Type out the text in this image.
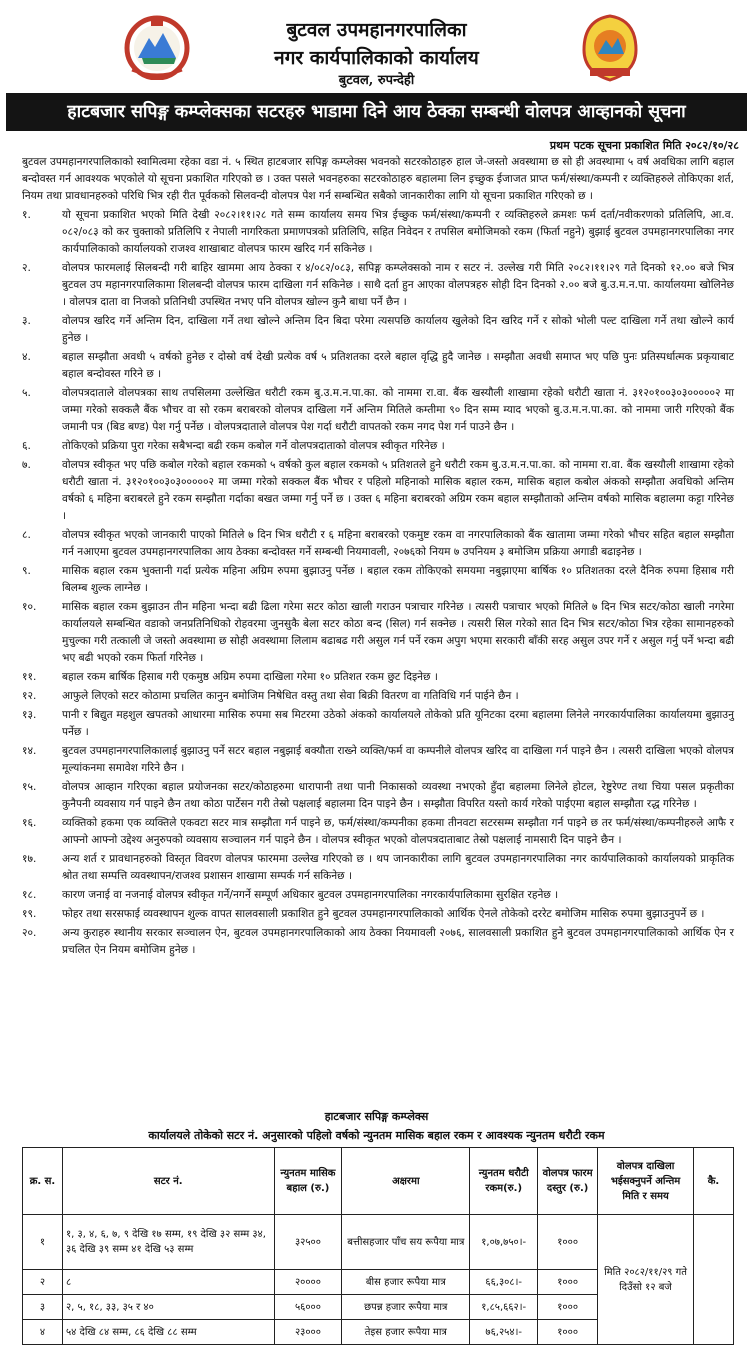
बुटवल उपमहानगरपालिका
नगर कार्यपालिकाको कार्यालय
बुटवल, रुपन्देही
हाटबजार सपिङ्ग कम्प्लेक्सका सटरहरु भाडामा दिने आय ठेक्का सम्बन्धी वोलपत्र आव्हानको सूचना
प्रथम पटक सूचना प्रकाशित मिति २०८२/१०/२८

बुटवल उपमहानगरपालिकाको स्वामित्वमा रहेका वडा नं. ५ स्थित हाटबजार सपिङ्ग कम्प्लेक्स भवनको सटरकोठाहरु हाल जे-जस्तो अवस्थामा छ सो ही अवस्थामा ५ वर्ष अवधिका लागि बहाल बन्दोवस्त गर्न आवश्यक भएकोले यो सूचना प्रकाशित गरिएको छ । उक्त पसले भवनहरुका सटरकोठाहरु बहालमा लिन इच्छुक ईजाजत प्राप्त फर्म/संस्था/कम्पनी र व्यक्तिहरुले तोकिएका शर्त, नियम तथा प्रावधानहरुको परिधि भित्र रही रीत पूर्वकको सिलवन्दी वोलपत्र पेश गर्न सम्बन्धित सबैको जानकारीका लागि यो सूचना प्रकाशित गरिएको छ ।

१.	यो सूचना प्रकाशित भएको मिति देखी २०८२।११।२८ गते सम्म कार्यालय समय भित्र ईच्छुक फर्म/संस्था/कम्पनी र व्यक्तिहरुले क्रमशः फर्म दर्ता/नवीकरणको प्रतिलिपि, आ.व. ०८२/०८३ को कर चुक्ताको प्रतिलिपि र नेपाली नागरिकता प्रमाणपत्रको प्रतिलिपि, सहित निवेदन र तपसिल बमोजिमको रकम (फिर्ता नहुने) बुझाई बुटवल उपमहानगरपालिका नगर कार्यपालिकाको कार्यालयको राजश्व शाखाबाट वोलपत्र फारम खरिद गर्न सकिनेछ ।
२.	वोलपत्र फारमलाई सिलबन्दी गरी बाहिर खाममा आय ठेक्का र ४/०८२/०८३, सपिङ्ग कम्प्लेक्सको नाम र सटर नं. उल्लेख गरी मिति २०८२।११।२९ गते दिनको १२.०० बजे भित्र बुटवल उप महानगरपालिकामा शिलबन्दी वोलपत्र फारम दाखिला गर्न सकिनेछ । साथै दर्ता हुन आएका वोलपत्रहरु सोही दिन दिनको २.०० बजे बु.उ.म.न.पा. कार्यालयमा खोलिनेछ । वोलपत्र दाता वा निजको प्रतिनिधी उपस्थित नभए पनि वोलपत्र खोल्न कुनै बाधा पर्ने छैन ।
३.	वोलपत्र खरिद गर्ने अन्तिम दिन, दाखिला गर्ने तथा खोल्ने अन्तिम दिन बिदा परेमा त्यसपछि कार्यालय खुलेको दिन खरिद गर्ने र सोको भोली पल्ट दाखिला गर्ने तथा खोल्ने कार्य हुनेछ ।
४.	बहाल सम्झौता अवधी ५ वर्षको हुनेछ र दोस्रो वर्ष देखी प्रत्येक वर्ष ५ प्रतिशतका दरले बहाल वृद्धि हुदै जानेछ । सम्झौता अवधी समाप्त भए पछि पुनः प्रतिस्पर्धात्मक प्रकृयाबाट बहाल बन्दोवस्त गरिने छ ।
५.	वोलपत्रदाताले वोलपत्रका साथ तपसिलमा उल्लेखित धरौटी रकम बु.उ.म.न.पा.का. को नाममा रा.वा. बैंक खस्यौली शाखामा रहेको धरौटी खाता नं. ३१२०१००३०३०००००२ मा जम्मा गरेको सक्कलै बैंक भौचर वा सो रकम बराबरको वोलपत्र दाखिला गर्ने अन्तिम मितिले कम्तीमा ९० दिन सम्म म्याद भएको बु.उ.म.न.पा.का. को नाममा जारी गरिएको बैंक जमानी पत्र (बिड बण्ड) पेश गर्नु पर्नेछ । वोलपत्रदाताले वोलपत्र पेश गर्दा धरौटी वापतको रकम नगद पेश गर्न पाउने छैन ।
६.	तोकिएको प्रक्रिया पुरा गरेका सबैभन्दा बढी रकम कबोल गर्ने वोलपत्रदाताको वोलपत्र स्वीकृत गरिनेछ ।
७.	वोलपत्र स्वीकृत भए पछि कबोल गरेको बहाल रकमको ५ वर्षको कुल बहाल रकमको ५ प्रतिशतले हुने धरौटी रकम बु.उ.म.न.पा.का. को नाममा रा.वा. बैंक खस्यौली शाखामा रहेको धरौटी खाता नं. ३१२०१००३०३०००००२ मा जम्मा गरेको सक्कल बैंक भौचर र पहिलो महिनाको मासिक बहाल रकम, मासिक बहाल कबोल अंकको सम्झौता अवधिको अन्तिम वर्षको ६ महिना बराबरले हुने रकम सम्झौता गर्दाका बखत जम्मा गर्नु पर्ने छ । उक्त ६ महिना बराबरको अग्रिम रकम बहाल सम्झौताको अन्तिम वर्षको मासिक बहालमा कट्टा गरिनेछ ।
८.	वोलपत्र स्वीकृत भएको जानकारी पाएको मितिले ७ दिन भित्र धरौटी र ६ महिना बराबरको एकमुष्ट रकम वा नगरपालिकाको बैंक खातामा जम्मा गरेको भौचर सहित बहाल सम्झौता गर्न नआएमा बुटवल उपमहानगरपालिका आय ठेक्का बन्दोवस्त गर्ने सम्बन्धी नियमावली, २०७६को नियम ७ उपनियम ३ बमोजिम प्रक्रिया अगाडी बढाइनेछ ।
९.	मासिक बहाल रकम भुक्तानी गर्दा प्रत्येक महिना अग्रिम रुपमा बुझाउनु पर्नेछ । बहाल रकम तोकिएको समयमा नबुझाएमा बार्षिक १० प्रतिशतका दरले दैनिक रुपमा हिसाब गरी बिलम्ब शुल्क लाग्नेछ ।
१०.	मासिक बहाल रकम बुझाउन तीन महिना भन्दा बढी ढिला गरेमा सटर कोठा खाली गराउन पत्राचार गरिनेछ । त्यसरी पत्राचार भएको मितिले ७ दिन भित्र सटर/कोठा खाली नगरेमा कार्यालयले सम्बन्धित वडाको जनप्रतिनिधिको रोहवरमा जुनसुकै बेला सटर कोठा बन्द (सिल) गर्न सक्नेछ । त्यसरी सिल गरेको सात दिन भित्र सटर/कोठा भित्र रहेका सामानहरुको मुचुल्का गरी तत्काली जे जस्तो अवस्थामा छ सोही अवस्थामा लिलाम बढाबढ गरी असुल गर्न पर्ने रकम अपुग भएमा सरकारी बाँकी सरह असुल उपर गर्ने र असुल गर्नु पर्ने भन्दा बढी भए बढी भएको रकम फिर्ता गरिनेछ ।
११.	बहाल रकम बार्षिक हिसाब गरी एकमुष्ठ अग्रिम रुपमा दाखिला गरेमा १० प्रतिशत रकम छुट दिइनेछ ।
१२.	आफुले लिएको सटर कोठामा प्रचलित कानुन बमोजिम निषेधित वस्तु तथा सेवा बिक्री वितरण वा गतिविधि गर्न पाईने छैन ।
१३.	पानी र बिद्युत महशुल खपतको आधारमा मासिक रुपमा सब मिटरमा उठेको अंकको कार्यालयले तोकेको प्रति यूनिटका दरमा बहालमा लिनेले नगरकार्यपालिका कार्यालयमा बुझाउनु पर्नेछ ।
१४.	बुटवल उपमहानगरपालिकालाई बुझाउनु पर्ने सटर बहाल नबुझाई बक्यौता राख्ने व्यक्ति/फर्म वा कम्पनीले वोलपत्र खरिद वा दाखिला गर्न पाइने छैन । त्यसरी दाखिला भएको वोलपत्र मूल्यांकनमा समावेश गरिने छैन ।
१५.	वोलपत्र आव्हान गरिएका बहाल प्रयोजनका सटर/कोठाहरुमा धारापानी तथा पानी निकासको व्यवस्था नभएको हुँदा बहालमा लिनेले होटल, रेष्टुरेण्ट तथा चिया पसल प्रकृतीका कुनैपनी व्यवसाय गर्न पाइने छैन तथा कोठा पार्टेसन गरी तेस्रो पक्षलाई बहालमा दिन पाइने छैन । सम्झौता विपरित यस्तो कार्य गरेको पाईएमा बहाल सम्झौता रद्ध गरिनेछ ।
१६.	व्यक्तिको हकमा एक व्यक्तिले एकवटा सटर मात्र सम्झौता गर्न पाइने छ, फर्म/संस्था/कम्पनीका हकमा तीनवटा सटरसम्म सम्झौता गर्न पाइने छ तर फर्म/संस्था/कम्पनीहरुले आफै र आफ्नो आफ्नो उद्देश्य अनुरुपको व्यवसाय सञ्चालन गर्न पाइने छैन । वोलपत्र स्वीकृत भएको वोलपत्रदाताबाट तेस्रो पक्षलाई नामसारी दिन पाइने छैन ।
१७.	अन्य शर्त र प्रावधानहरुको विस्तृत विवरण वोलपत्र फारममा उल्लेख गरिएको छ । थप जानकारीका लागि बुटवल उपमहानगरपालिका नगर कार्यपालिकाको कार्यालयको प्राकृतिक श्रोत तथा सम्पत्ति व्यवस्थापन/राजश्व प्रशासन शाखामा सम्पर्क गर्न सकिनेछ ।
१८.	कारण जनाई वा नजनाई वोलपत्र स्वीकृत गर्ने/नगर्ने सम्पूर्ण अधिकार बुटवल उपमहानगरपालिका नगरकार्यपालिकामा सुरक्षित रहनेछ ।
१९.	फोहर तथा सरसफाई व्यवस्थापन शुल्क वापत सालवसाली प्रकाशित हुने बुटवल उपमहानगरपालिकाको आर्थिक ऐनले तोकेको दररेट बमोजिम मासिक रुपमा बुझाउनुपर्ने छ ।
२०.	अन्य कुराहरु स्थानीय सरकार सञ्चालन ऐन, बुटवल उपमहानगरपालिकाको आय ठेक्का नियमावली २०७६, सालवसाली प्रकाशित हुने बुटवल उपमहानगरपालिकाको आर्थिक ऐन र प्रचलित ऐन नियम बमोजिम हुनेछ ।
हाटबजार सपिङ्ग कम्प्लेक्स
कार्यालयले तोकेको सटर नं. अनुसारको पहिलो वर्षको न्युनतम मासिक बहाल रकम र आवश्यक न्युनतम धरौटी रकम
क्र. स.	सटर नं.	न्युनतम मासिक बहाल (रु.)	अक्षरमा	न्युनतम धरौटी रकम(रु.)	वोलपत्र फारम दस्तुर (रु.)	वोलपत्र दाखिला भईसक्नुपर्ने अन्तिम मिति र समय	कै.
१	१, ३, ४, ६, ७, ९ देखि १७ सम्म, १९ देखि ३२ सम्म ३४, ३६ देखि ३९ सम्म ४१ देखि ५३ सम्म	३२५००	बत्तीसहजार पाँच सय रूपैया मात्र	१,०७,७५०।-	१०००	मिति २०८२/११/२९ गते दिउँसो १२ बजे	
२	८	२००००	बीस हजार रूपैया मात्र	६६,३०८।-	१०००		
३	२, ५, १८, ३३, ३५ र ४०	५६०००	छपन्न हजार रूपैया मात्र	१,८५,६६२।-	१०००		
४	५४ देखि ८४ सम्म, ८६ देखि ८८ सम्म	२३०००	तेइस हजार रूपैया मात्र	७६,२५४।-	१०००		
